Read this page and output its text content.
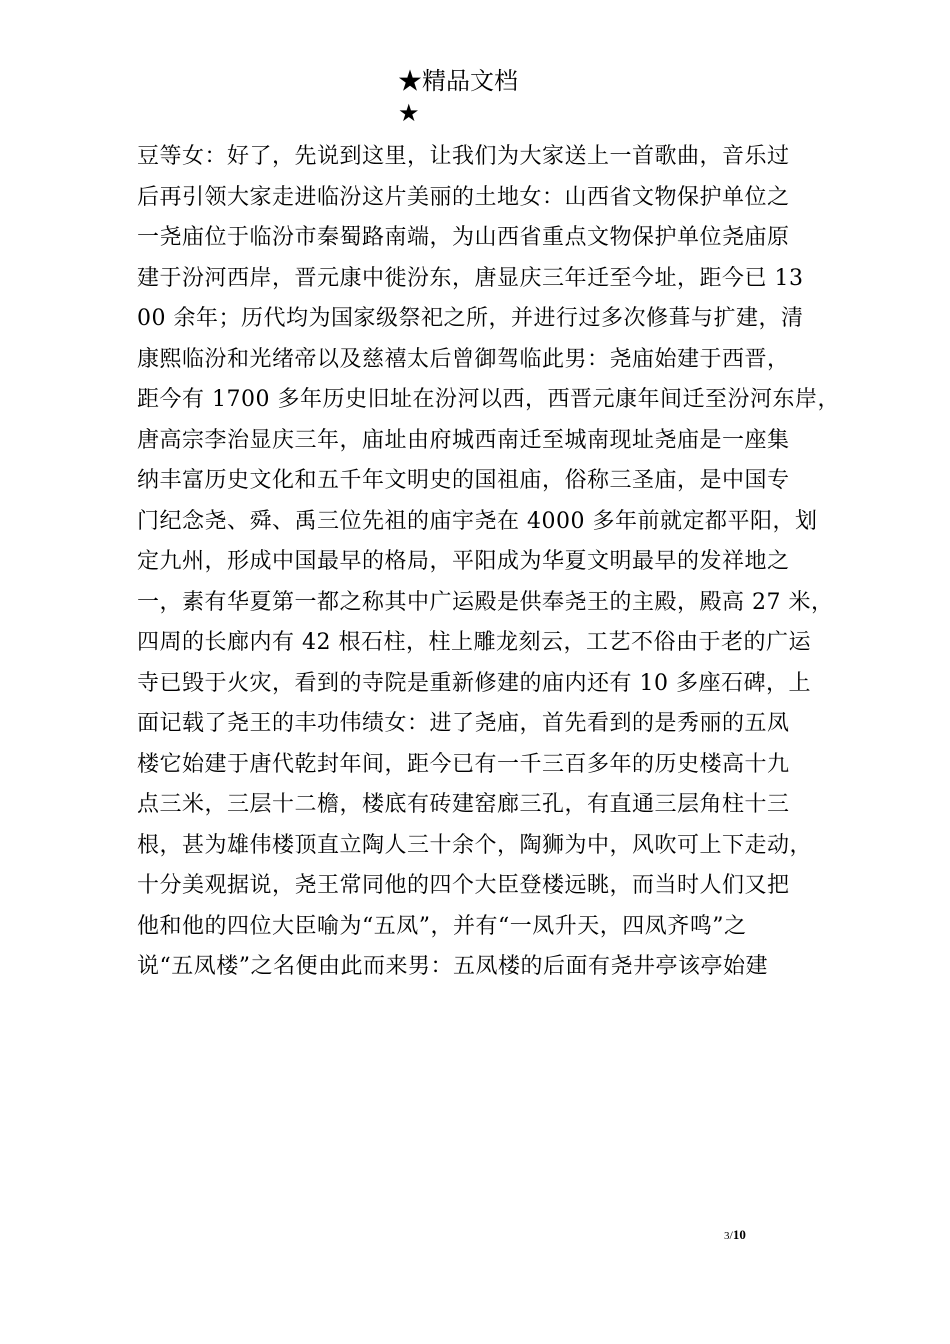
★精品文档
★
豆等女：好了，先说到这里，让我们为大家送上一首歌曲，音乐过
后再引领大家走进临汾这片美丽的土地女：山西省文物保护单位之
一尧庙位于临汾市秦蜀路南端，为山西省重点文物保护单位尧庙原
建于汾河西岸，晋元康中徙汾东，唐显庆三年迁至今址，距今已 13
00 余年；历代均为国家级祭祀之所，并进行过多次修葺与扩建，清
康熙临汾和光绪帝以及慈禧太后曾御驾临此男：尧庙始建于西晋，
距今有 1700 多年历史旧址在汾河以西，西晋元康年间迁至汾河东岸，
唐高宗李治显庆三年，庙址由府城西南迁至城南现址尧庙是一座集
纳丰富历史文化和五千年文明史的国祖庙，俗称三圣庙，是中国专
门纪念尧、舜、禹三位先祖的庙宇尧在 4000 多年前就定都平阳，划
定九州，形成中国最早的格局，平阳成为华夏文明最早的发祥地之
一，素有华夏第一都之称其中广运殿是供奉尧王的主殿，殿高 27 米，
四周的长廊内有 42 根石柱，柱上雕龙刻云，工艺不俗由于老的广运
寺已毁于火灾，看到的寺院是重新修建的庙内还有 10 多座石碑，上
面记载了尧王的丰功伟绩女：进了尧庙，首先看到的是秀丽的五凤
楼它始建于唐代乾封年间，距今已有一千三百多年的历史楼高十九
点三米，三层十二檐，楼底有砖建窑廊三孔，有直通三层角柱十三
根，甚为雄伟楼顶直立陶人三十余个，陶狮为中，风吹可上下走动，
十分美观据说，尧王常同他的四个大臣登楼远眺，而当时人们又把
他和他的四位大臣喻为“五凤”，并有“一凤升天，四凤齐鸣”之
说“五凤楼”之名便由此而来男：五凤楼的后面有尧井亭该亭始建
3/10
